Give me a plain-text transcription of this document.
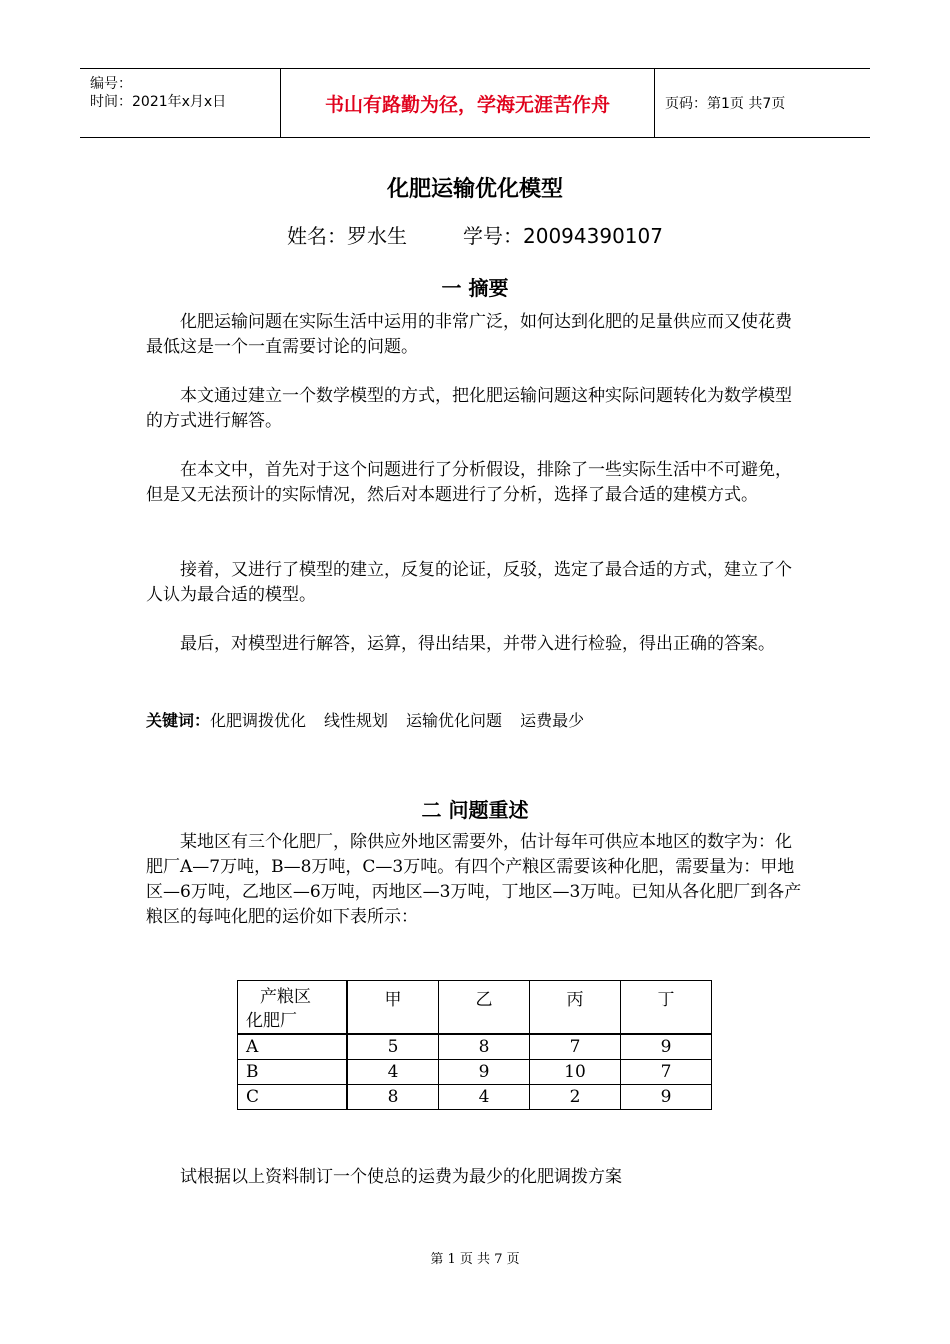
编号：
时间：2021年x月x日	书山有路勤为径，学海无涯苦作舟	页码：第1页 共7页
化肥运输优化模型
姓名：罗水生	学号：20094390107
一 摘要
化肥运输问题在实际生活中运用的非常广泛，如何达到化肥的足量供应而又使花费最低这是一个一直需要讨论的问题。
本文通过建立一个数学模型的方式，把化肥运输问题这种实际问题转化为数学模型的方式进行解答。
在本文中，首先对于这个问题进行了分析假设，排除了一些实际生活中不可避免，但是又无法预计的实际情况，然后对本题进行了分析，选择了最合适的建模方式。
接着，又进行了模型的建立，反复的论证，反驳，选定了最合适的方式，建立了个人认为最合适的模型。
最后，对模型进行解答，运算，得出结果，并带入进行检验，得出正确的答案。
关键词：化肥调拨优化 线性规划 运输优化问题 运费最少
二 问题重述
某地区有三个化肥厂，除供应外地区需要外，估计每年可供应本地区的数字为：化肥厂A—7万吨，B—8万吨，C—3万吨。有四个产粮区需要该种化肥，需要量为：甲地区—6万吨，乙地区—6万吨，丙地区—3万吨，丁地区—3万吨。已知从各化肥厂到各产粮区的每吨化肥的运价如下表所示：
产粮区
化肥厂	甲	乙	丙	丁
A	5	8	7	9
B	4	9	10	7
C	8	4	2	9
试根据以上资料制订一个使总的运费为最少的化肥调拨方案
第 1 页 共 7 页
